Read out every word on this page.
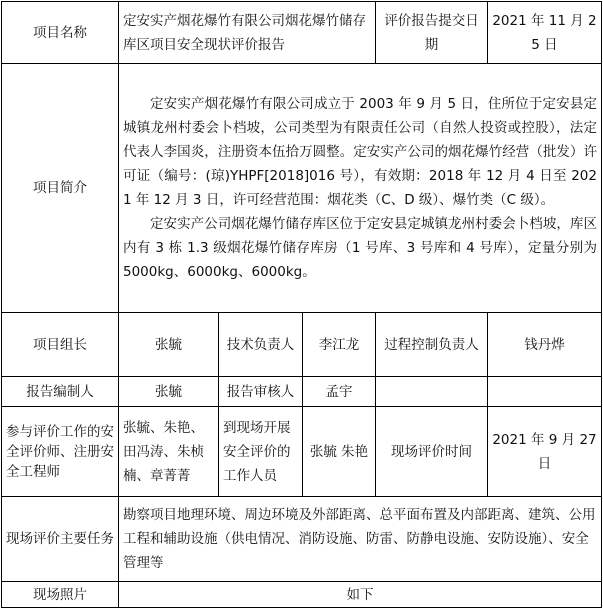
项目名称	定安实产烟花爆竹有限公司烟花爆竹储存库区项目安全现状评价报告			评价报告提交日期	2021 年 11 月 25 日
项目简介	定安实产烟花爆竹有限公司成立于 2003 年 9 月 5 日，住所位于定安县定城镇龙州村委会卜档坡，公司类型为有限责任公司（自然人投资或控股），法定代表人李国炎，注册资本伍拾万圆整。定安实产公司的烟花爆竹经营（批发）许可证（编号：(琼)YHPF[2018]016 号），有效期：2018 年 12 月 4 日至 2021 年 12 月 3 日，许可经营范围：烟花类（C、D 级）、爆竹类（C 级）。

定安实产公司烟花爆竹储存库区位于定安县定城镇龙州村委会卜档坡，库区内有 3 栋 1.3 级烟花爆竹储存库房（1 号库、3 号库和 4 号库），定量分别为 5000kg、6000kg、6000kg。				

项目组长	张毓	技术负责人	李江龙	过程控制负责人	钱丹烨
报告编制人	张毓	报告审核人	孟宇		
参与评价工作的安全评价师、注册安全工程师	张毓、朱艳、田冯涛、朱桢楠、章菁菁	到现场开展安全评价的工作人员	张毓 朱艳	现场评价时间	2021 年 9 月 27 日
现场评价主要任务	勘察项目地理环境、周边环境及外部距离、总平面布置及内部距离、建筑、公用工程和辅助设施（供电情况、消防设施、防雷、防静电设施、安防设施）、安全管理等				
现场照片	如下				
